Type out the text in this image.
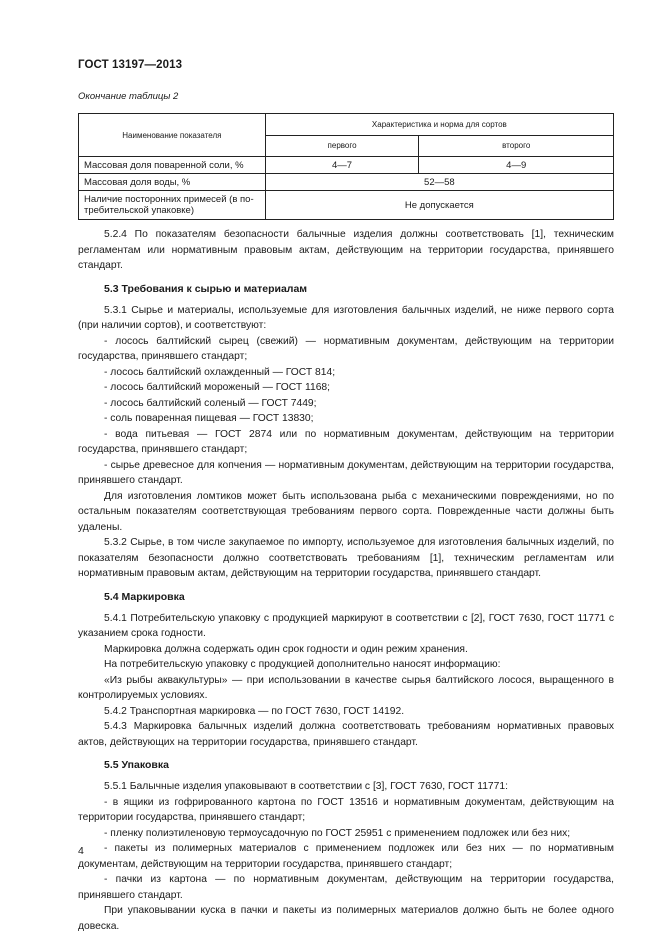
ГОСТ 13197—2013
Окончание таблицы 2
Наименование показателя	Характеристика и норма для сортов	
	первого	второго
Массовая доля поваренной соли, %	4—7	4—9
Массовая доля воды, %	52—58	
Наличие посторонних примесей (в по-
требительской упаковке)	Не допускается	

5.2.4 По показателям безопасности балычные изделия должны соответствовать [1], техническим регламентам или нормативным правовым актам, действующим на территории государства, принявшего стандарт.

5.3 Требования к сырью и материалам

5.3.1 Сырье и материалы, используемые для изготовления балычных изделий, не ниже первого сорта (при наличии сортов), и соответствуют:

- лосось балтийский сырец (свежий) — нормативным документам, действующим на территории государства, принявшего стандарт;

- лосось балтийский охлажденный — ГОСТ 814;

- лосось балтийский мороженый — ГОСТ 1168;

- лосось балтийский соленый — ГОСТ 7449;

- соль поваренная пищевая — ГОСТ 13830;

- вода питьевая — ГОСТ 2874 или по нормативным документам, действующим на территории государства, принявшего стандарт;

- сырье древесное для копчения — нормативным документам, действующим на территории государства, принявшего стандарт.

Для изготовления ломтиков может быть использована рыба с механическими повреждениями, но по остальным показателям соответствующая требованиям первого сорта. Поврежденные части должны быть удалены.

5.3.2 Сырье, в том числе закупаемое по импорту, используемое для изготовления балычных изделий, по показателям безопасности должно соответствовать требованиям [1], техническим регламентам или нормативным правовым актам, действующим на территории государства, принявшего стандарт.

5.4 Маркировка

5.4.1 Потребительскую упаковку с продукцией маркируют в соответствии с [2], ГОСТ 7630, ГОСТ 11771 с указанием срока годности.

Маркировка должна содержать один срок годности и один режим хранения.

На потребительскую упаковку с продукцией дополнительно наносят информацию:

«Из рыбы аквакультуры» — при использовании в качестве сырья балтийского лосося, выращенного в контролируемых условиях.

5.4.2 Транспортная маркировка — по ГОСТ 7630, ГОСТ 14192.

5.4.3 Маркировка балычных изделий должна соответствовать требованиям нормативных правовых актов, действующих на территории государства, принявшего стандарт.

5.5 Упаковка

5.5.1 Балычные изделия упаковывают в соответствии с [3], ГОСТ 7630, ГОСТ 11771:

- в ящики из гофрированного картона по ГОСТ 13516 и нормативным документам, действующим на территории государства, принявшего стандарт;

- пленку полиэтиленовую термоусадочную по ГОСТ 25951 с применением подложек или без них;

- пакеты из полимерных материалов с применением подложек или без них — по нормативным документам, действующим на территории государства, принявшего стандарт;

- пачки из картона — по нормативным документам, действующим на территории государства, принявшего стандарт.

При упаковывании куска в пачки и пакеты из полимерных материалов должно быть не более одного довеска.

4
